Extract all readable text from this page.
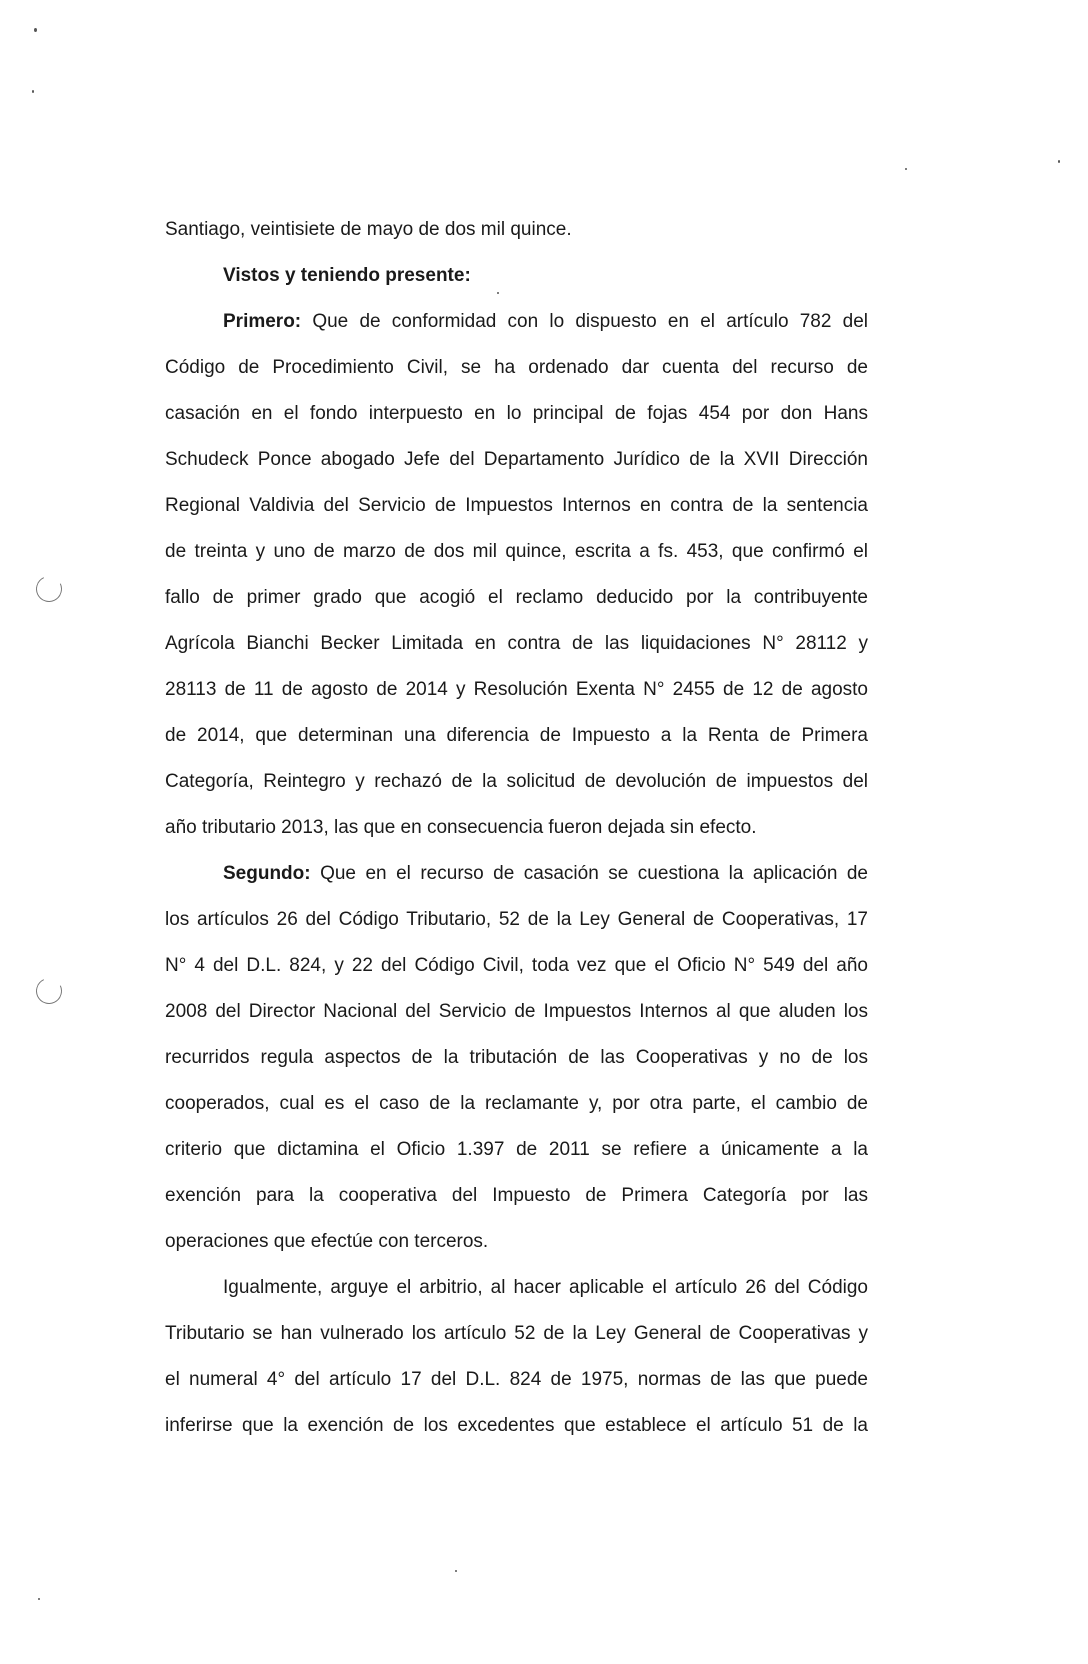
Santiago, veintisiete de mayo de dos mil quince.
Vistos y teniendo presente:
Primero: Que de conformidad con lo dispuesto en el artículo 782 del
Código de Procedimiento Civil, se ha ordenado dar cuenta del recurso de
casación en el fondo interpuesto en lo principal de fojas 454 por don Hans
Schudeck Ponce abogado Jefe del Departamento Jurídico de la XVII Dirección
Regional Valdivia del Servicio de Impuestos Internos en contra de la sentencia
de treinta y uno de marzo de dos mil quince, escrita a fs. 453, que confirmó el
fallo de primer grado que acogió el reclamo deducido por la contribuyente
Agrícola Bianchi Becker Limitada en contra de las liquidaciones N° 28112 y
28113 de 11 de agosto de 2014 y Resolución Exenta N° 2455 de 12 de agosto
de 2014, que determinan una diferencia de Impuesto a la Renta de Primera
Categoría, Reintegro y rechazó de la solicitud de devolución de impuestos del
año tributario 2013, las que en consecuencia fueron dejada sin efecto.
Segundo: Que en el recurso de casación se cuestiona la aplicación de
los artículos 26 del Código Tributario, 52 de la Ley General de Cooperativas, 17
N° 4 del D.L. 824, y 22 del Código Civil, toda vez que el Oficio N° 549 del año
2008 del Director Nacional del Servicio de Impuestos Internos al que aluden los
recurridos regula aspectos de la tributación de las Cooperativas y no de los
cooperados, cual es el caso de la reclamante y, por otra parte, el cambio de
criterio que dictamina el Oficio 1.397 de 2011 se refiere a únicamente a la
exención para la cooperativa del Impuesto de Primera Categoría por las
operaciones que efectúe con terceros.
Igualmente, arguye el arbitrio, al hacer aplicable el artículo 26 del Código
Tributario se han vulnerado los artículo 52 de la Ley General de Cooperativas y
el numeral 4° del artículo 17 del D.L. 824 de 1975, normas de las que puede
inferirse que la exención de los excedentes que establece el artículo 51 de la
